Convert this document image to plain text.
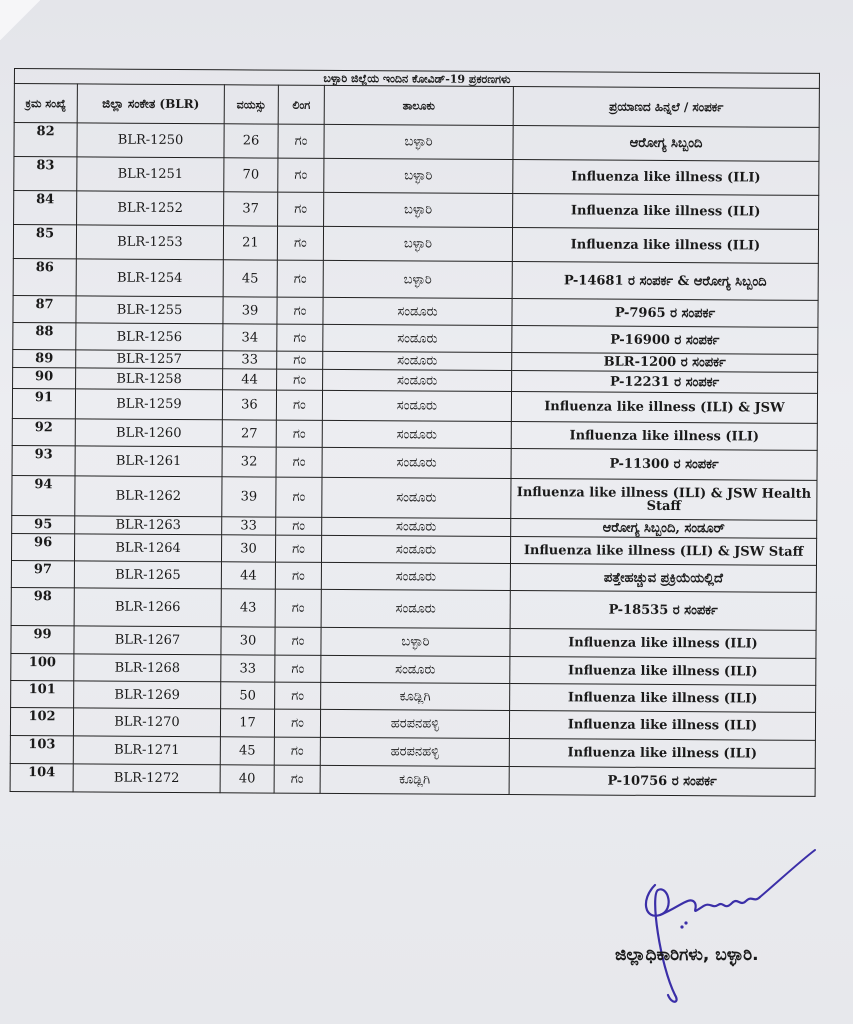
ಬಳ್ಳಾರಿ ಜಿಲ್ಲೆಯ ಇಂದಿನ ಕೋವಿಡ್-19 ಪ್ರಕರಣಗಳು					
ಕ್ರಮ ಸಂಖ್ಯೆ	ಜಿಲ್ಲಾ ಸಂಕೇತ (BLR)	ವಯಸ್ಸು	ಲಿಂಗ	ತಾಲೂಕು	ಪ್ರಯಾಣದ ಹಿನ್ನಲೆ / ಸಂಪರ್ಕ
82	BLR-1250	26	ಗಂ	ಬಳ್ಳಾರಿ	ಆರೋಗ್ಯ ಸಿಬ್ಬಂದಿ
83	BLR-1251	70	ಗಂ	ಬಳ್ಳಾರಿ	Influenza like illness (ILI)
84	BLR-1252	37	ಗಂ	ಬಳ್ಳಾರಿ	Influenza like illness (ILI)
85	BLR-1253	21	ಗಂ	ಬಳ್ಳಾರಿ	Influenza like illness (ILI)
86	BLR-1254	45	ಗಂ	ಬಳ್ಳಾರಿ	P-14681 ರ ಸಂಪರ್ಕ & ಆರೋಗ್ಯ ಸಿಬ್ಬಂದಿ
87	BLR-1255	39	ಗಂ	ಸಂಡೂರು	P-7965 ರ ಸಂಪರ್ಕ
88	BLR-1256	34	ಗಂ	ಸಂಡೂರು	P-16900 ರ ಸಂಪರ್ಕ
89	BLR-1257	33	ಗಂ	ಸಂಡೂರು	BLR-1200 ರ ಸಂಪರ್ಕ
90	BLR-1258	44	ಗಂ	ಸಂಡೂರು	P-12231 ರ ಸಂಪರ್ಕ
91	BLR-1259	36	ಗಂ	ಸಂಡೂರು	Influenza like illness (ILI) & JSW
92	BLR-1260	27	ಗಂ	ಸಂಡೂರು	Influenza like illness (ILI)
93	BLR-1261	32	ಗಂ	ಸಂಡೂರು	P-11300 ರ ಸಂಪರ್ಕ
94	BLR-1262	39	ಗಂ	ಸಂಡೂರು	Influenza like illness (ILI) & JSW Health Staff
95	BLR-1263	33	ಗಂ	ಸಂಡೂರು	ಆರೋಗ್ಯ ಸಿಬ್ಬಂದಿ, ಸಂಡೂರ್
96	BLR-1264	30	ಗಂ	ಸಂಡೂರು	Influenza like illness (ILI) & JSW Staff
97	BLR-1265	44	ಗಂ	ಸಂಡೂರು	ಪತ್ತೇಹಚ್ಚುವ ಪ್ರಕ್ರಿಯೆಯಲ್ಲಿದೆ
98	BLR-1266	43	ಗಂ	ಸಂಡೂರು	P-18535 ರ ಸಂಪರ್ಕ
99	BLR-1267	30	ಗಂ	ಬಳ್ಳಾರಿ	Influenza like illness (ILI)
100	BLR-1268	33	ಗಂ	ಸಂಡೂರು	Influenza like illness (ILI)
101	BLR-1269	50	ಗಂ	ಕೂಡ್ಲಿಗಿ	Influenza like illness (ILI)
102	BLR-1270	17	ಗಂ	ಹರಪನಹಳ್ಳಿ	Influenza like illness (ILI)
103	BLR-1271	45	ಗಂ	ಹರಪನಹಳ್ಳಿ	Influenza like illness (ILI)
104	BLR-1272	40	ಗಂ	ಕೂಡ್ಲಿಗಿ	P-10756 ರ ಸಂಪರ್ಕ
ಜಿಲ್ಲಾಧಿಕಾರಿಗಳು, ಬಳ್ಳಾರಿ.
